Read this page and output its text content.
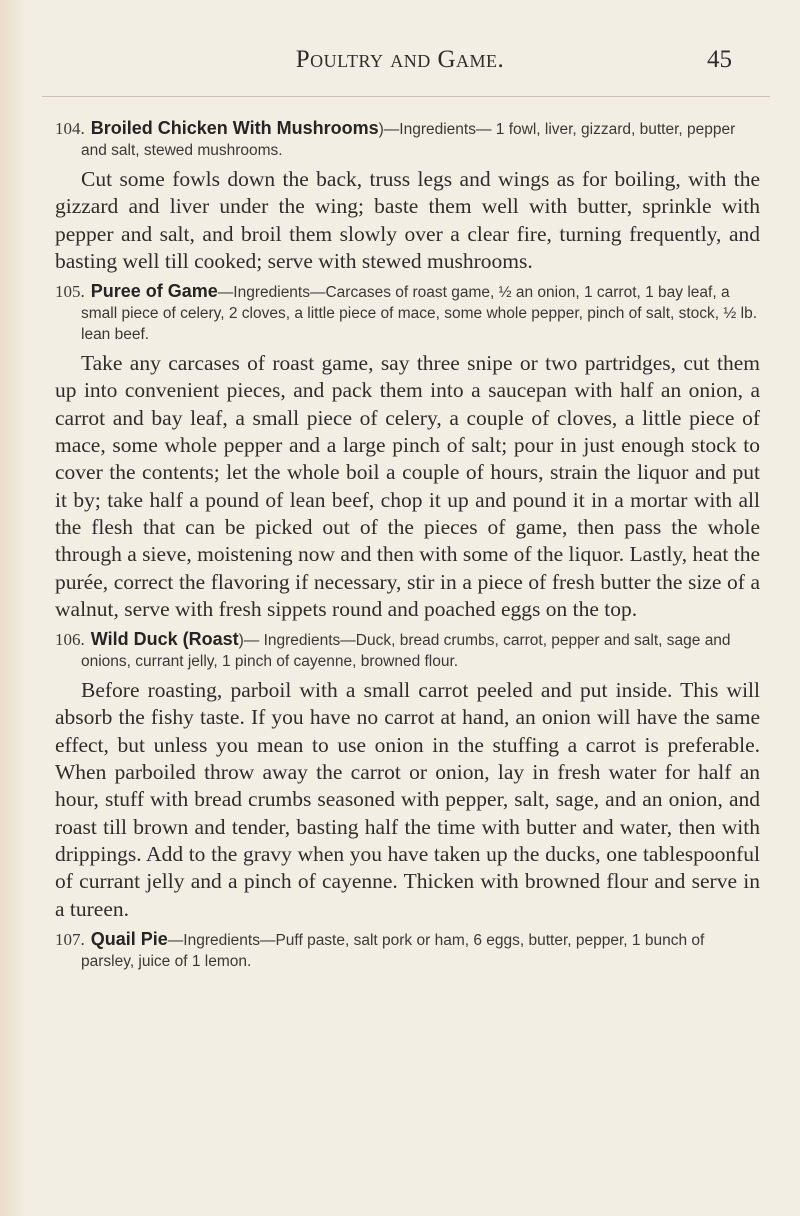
Poultry and Game.	45
104. Broiled Chicken With Mushrooms)—Ingredients— 1 fowl, liver, gizzard, butter, pepper and salt, stewed mushrooms.
Cut some fowls down the back, truss legs and wings as for boiling, with the gizzard and liver under the wing; baste them well with butter, sprinkle with pepper and salt, and broil them slowly over a clear fire, turning frequently, and basting well till cooked; serve with stewed mushrooms.
105. Puree of Game—Ingredients—Carcases of roast game, ½ an onion, 1 carrot, 1 bay leaf, a small piece of celery, 2 cloves, a little piece of mace, some whole pepper, pinch of salt, stock, ½ lb. lean beef.
Take any carcases of roast game, say three snipe or two partridges, cut them up into convenient pieces, and pack them into a saucepan with half an onion, a carrot and bay leaf, a small piece of celery, a couple of cloves, a little piece of mace, some whole pepper and a large pinch of salt; pour in just enough stock to cover the contents; let the whole boil a couple of hours, strain the liquor and put it by; take half a pound of lean beef, chop it up and pound it in a mortar with all the flesh that can be picked out of the pieces of game, then pass the whole through a sieve, moistening now and then with some of the liquor. Lastly, heat the purée, correct the flavoring if necessary, stir in a piece of fresh butter the size of a walnut, serve with fresh sippets round and poached eggs on the top.
106. Wild Duck (Roast)— Ingredients—Duck, bread crumbs, carrot, pepper and salt, sage and onions, currant jelly, 1 pinch of cayenne, browned flour.
Before roasting, parboil with a small carrot peeled and put inside. This will absorb the fishy taste. If you have no carrot at hand, an onion will have the same effect, but unless you mean to use onion in the stuffing a carrot is preferable. When parboiled throw away the carrot or onion, lay in fresh water for half an hour, stuff with bread crumbs seasoned with pepper, salt, sage, and an onion, and roast till brown and tender, basting half the time with butter and water, then with drippings. Add to the gravy when you have taken up the ducks, one tablespoonful of currant jelly and a pinch of cayenne. Thicken with browned flour and serve in a tureen.
107. Quail Pie—Ingredients—Puff paste, salt pork or ham, 6 eggs, butter, pepper, 1 bunch of parsley, juice of 1 lemon.
